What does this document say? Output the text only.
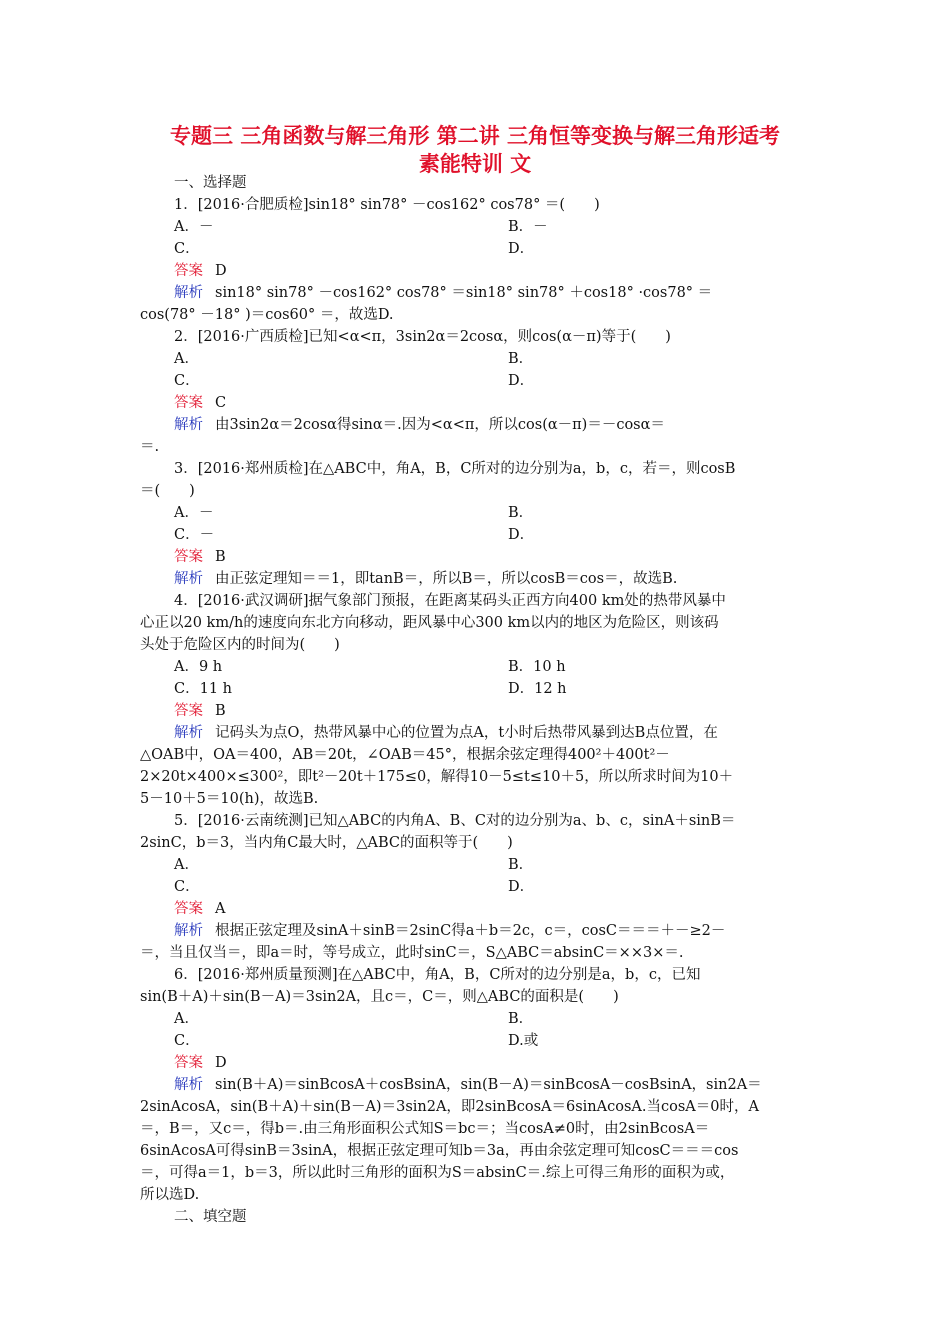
专题三 三角函数与解三角形 第二讲 三角恒等变换与解三角形适考
素能特训 文
一、选择题
1．[2016·合肥质检]sin18° sin78° －cos162° cos78° ＝(　　)
A．－	B．－
C．	D．
答案 D
解析 sin18° sin78° －cos162° cos78° ＝sin18° sin78° ＋cos18° ·cos78° ＝
cos(78° －18° )＝cos60° ＝，故选D.
2．[2016·广西质检]已知<α<π，3sin2α＝2cosα，则cos(α－π)等于(　　)
A．	B．
C．	D．
答案 C
解析 由3sin2α＝2cosα得sinα＝.因为<α<π，所以cos(α－π)＝－cosα＝
＝.
3．[2016·郑州质检]在△ABC中，角A，B，C所对的边分别为a，b，c，若＝，则cosB
＝(　　)
A．－	B．
C．－	D．
答案 B
解析 由正弦定理知＝＝1，即tanB＝，所以B＝，所以cosB＝cos＝，故选B.
4．[2016·武汉调研]据气象部门预报，在距离某码头正西方向400 km处的热带风暴中
心正以20 km/h的速度向东北方向移动，距风暴中心300 km以内的地区为危险区，则该码
头处于危险区内的时间为(　　)
A．9 h	B．10 h
C．11 h	D．12 h
答案 B
解析 记码头为点O，热带风暴中心的位置为点A，t小时后热带风暴到达B点位置，在
△OAB中，OA＝400，AB＝20t，∠OAB＝45°，根据余弦定理得400²＋400t²－
2×20t×400×≤300²，即t²－20t＋175≤0，解得10－5≤t≤10＋5，所以所求时间为10＋
5－10＋5＝10(h)，故选B.
5．[2016·云南统测]已知△ABC的内角A、B、C对的边分别为a、b、c，sinA＋sinB＝
2sinC，b＝3，当内角C最大时，△ABC的面积等于(　　)
A．	B．
C．	D．
答案 A
解析 根据正弦定理及sinA＋sinB＝2sinC得a＋b＝2c，c＝，cosC＝＝＝＋－≥2－
＝，当且仅当＝，即a＝时，等号成立，此时sinC＝，S△ABC＝absinC＝××3×＝.
6．[2016·郑州质量预测]在△ABC中，角A，B，C所对的边分别是a，b，c，已知
sin(B＋A)＋sin(B－A)＝3sin2A，且c＝，C＝，则△ABC的面积是(　　)
A．	B．
C．	D.或
答案 D
解析 sin(B＋A)＝sinBcosA＋cosBsinA，sin(B－A)＝sinBcosA－cosBsinA，sin2A＝
2sinAcosA，sin(B＋A)＋sin(B－A)＝3sin2A，即2sinBcosA＝6sinAcosA.当cosA＝0时，A
＝，B＝，又c＝，得b＝.由三角形面积公式知S＝bc＝；当cosA≠0时，由2sinBcosA＝
6sinAcosA可得sinB＝3sinA，根据正弦定理可知b＝3a，再由余弦定理可知cosC＝＝＝cos
＝，可得a＝1，b＝3，所以此时三角形的面积为S＝absinC＝.综上可得三角形的面积为或，
所以选D.
二、填空题
